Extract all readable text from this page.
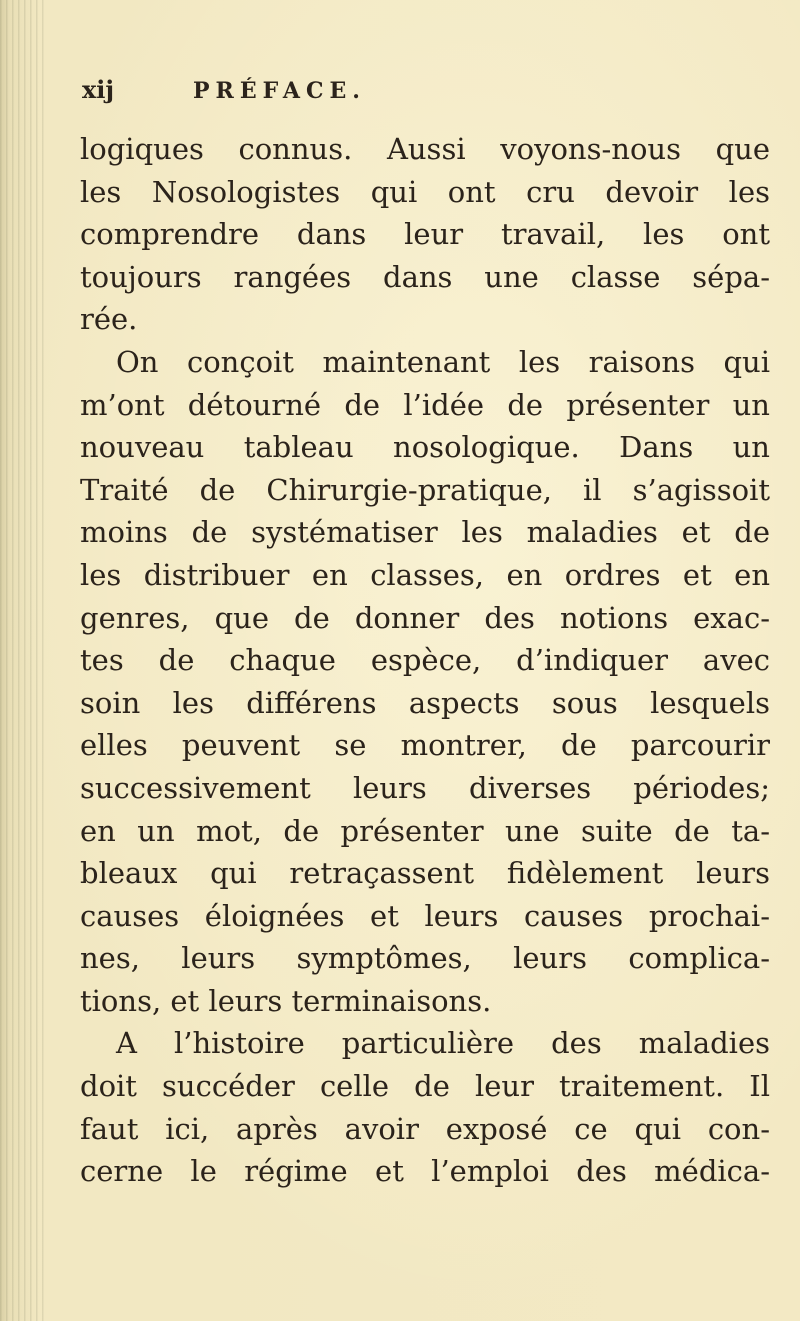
xij	PRÉFACE.
logiques connus. Aussi voyons-nous que
les Nosologistes qui ont cru devoir les
comprendre dans leur travail, les ont
toujours rangées dans une classe sépa-
rée.
On conçoit maintenant les raisons qui
m’ont détourné de l’idée de présenter un
nouveau tableau nosologique. Dans un
Traité de Chirurgie-pratique, il s’agissoit
moins de systématiser les maladies et de
les distribuer en classes, en ordres et en
genres, que de donner des notions exac-
tes de chaque espèce, d’indiquer avec
soin les différens aspects sous lesquels
elles peuvent se montrer, de parcourir
successivement leurs diverses périodes;
en un mot, de présenter une suite de ta-
bleaux qui retraçassent fidèlement leurs
causes éloignées et leurs causes prochai-
nes, leurs symptômes, leurs complica-
tions, et leurs terminaisons.
A l’histoire particulière des maladies
doit succéder celle de leur traitement. Il
faut ici, après avoir exposé ce qui con-
cerne le régime et l’emploi des médica-
